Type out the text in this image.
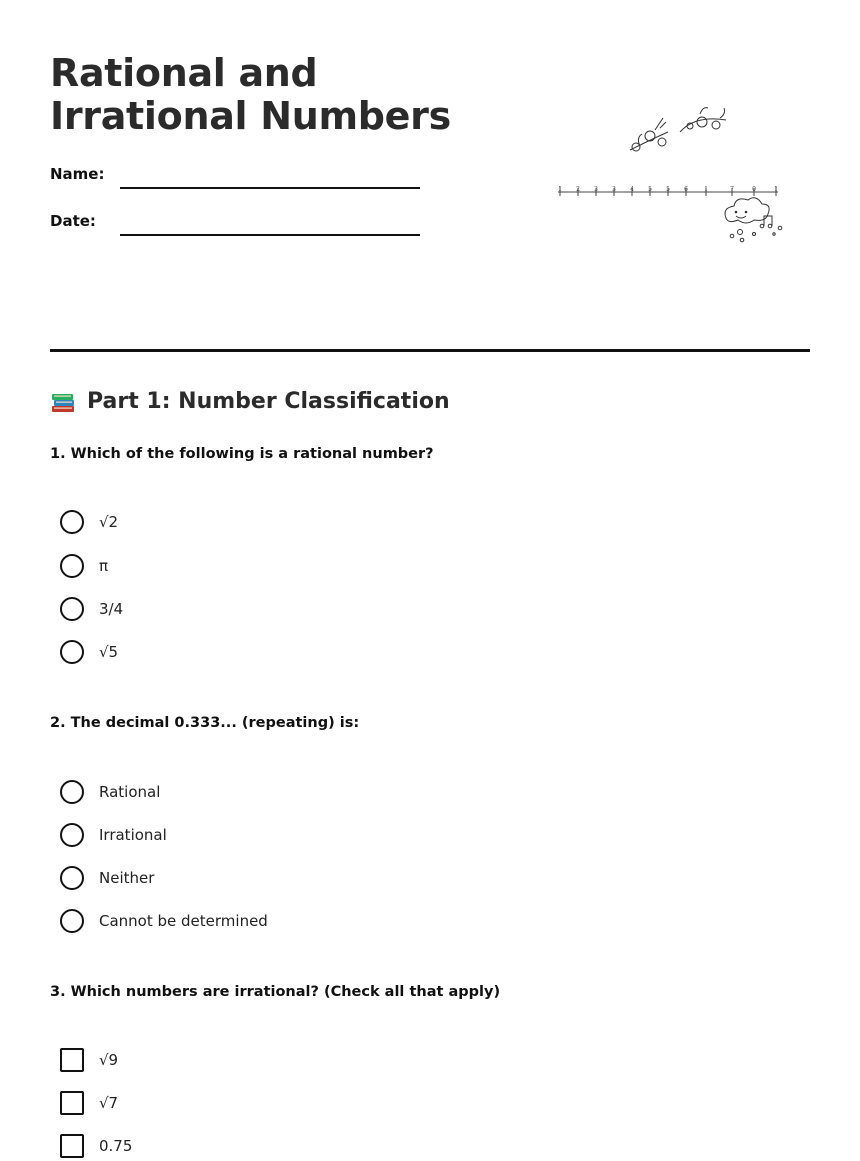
Rational and Irrational Numbers
Name:
Date:
1 2 3 3 4 5 5 6	1	7	0	1
Part 1: Number Classification
1. Which of the following is a rational number?
√2
π
3/4
√5
2. The decimal 0.333... (repeating) is:
Rational
Irrational
Neither
Cannot be determined
3. Which numbers are irrational? (Check all that apply)
√9
√7
0.75
